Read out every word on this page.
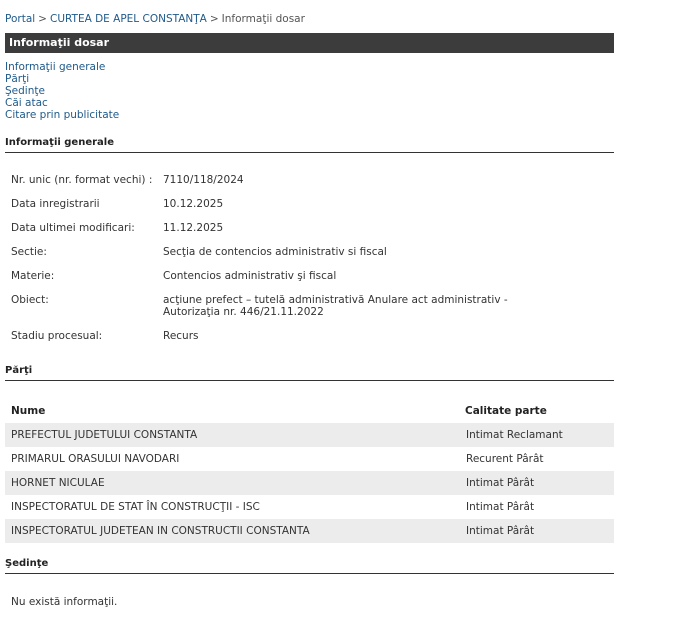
Portal > CURTEA DE APEL CONSTANŢA > Informaţii dosar
Informaţii dosar
Informaţii generale
Părţi
Şedinţe
Căi atac
Citare prin publicitate
Informaţii generale
Nr. unic (nr. format vechi) :	7110/118/2024
Data inregistrarii	10.12.2025
Data ultimei modificari:	11.12.2025
Sectie:	Secţia de contencios administrativ si fiscal
Materie:	Contencios administrativ şi fiscal
Obiect:	acţiune prefect – tutelă administrativă Anulare act administrativ - Autorizaţia nr. 446/21.11.2022
Stadiu procesual:	Recurs
Părţi
Nume	Calitate parte
PREFECTUL JUDETULUI CONSTANTA	Intimat Reclamant
PRIMARUL ORASULUI NAVODARI	Recurent Pârât
HORNET NICULAE	Intimat Pârât
INSPECTORATUL DE STAT ÎN CONSTRUCŢII - ISC	Intimat Pârât
INSPECTORATUL JUDETEAN IN CONSTRUCTII CONSTANTA	Intimat Pârât
Şedinţe
Nu există informaţii.
